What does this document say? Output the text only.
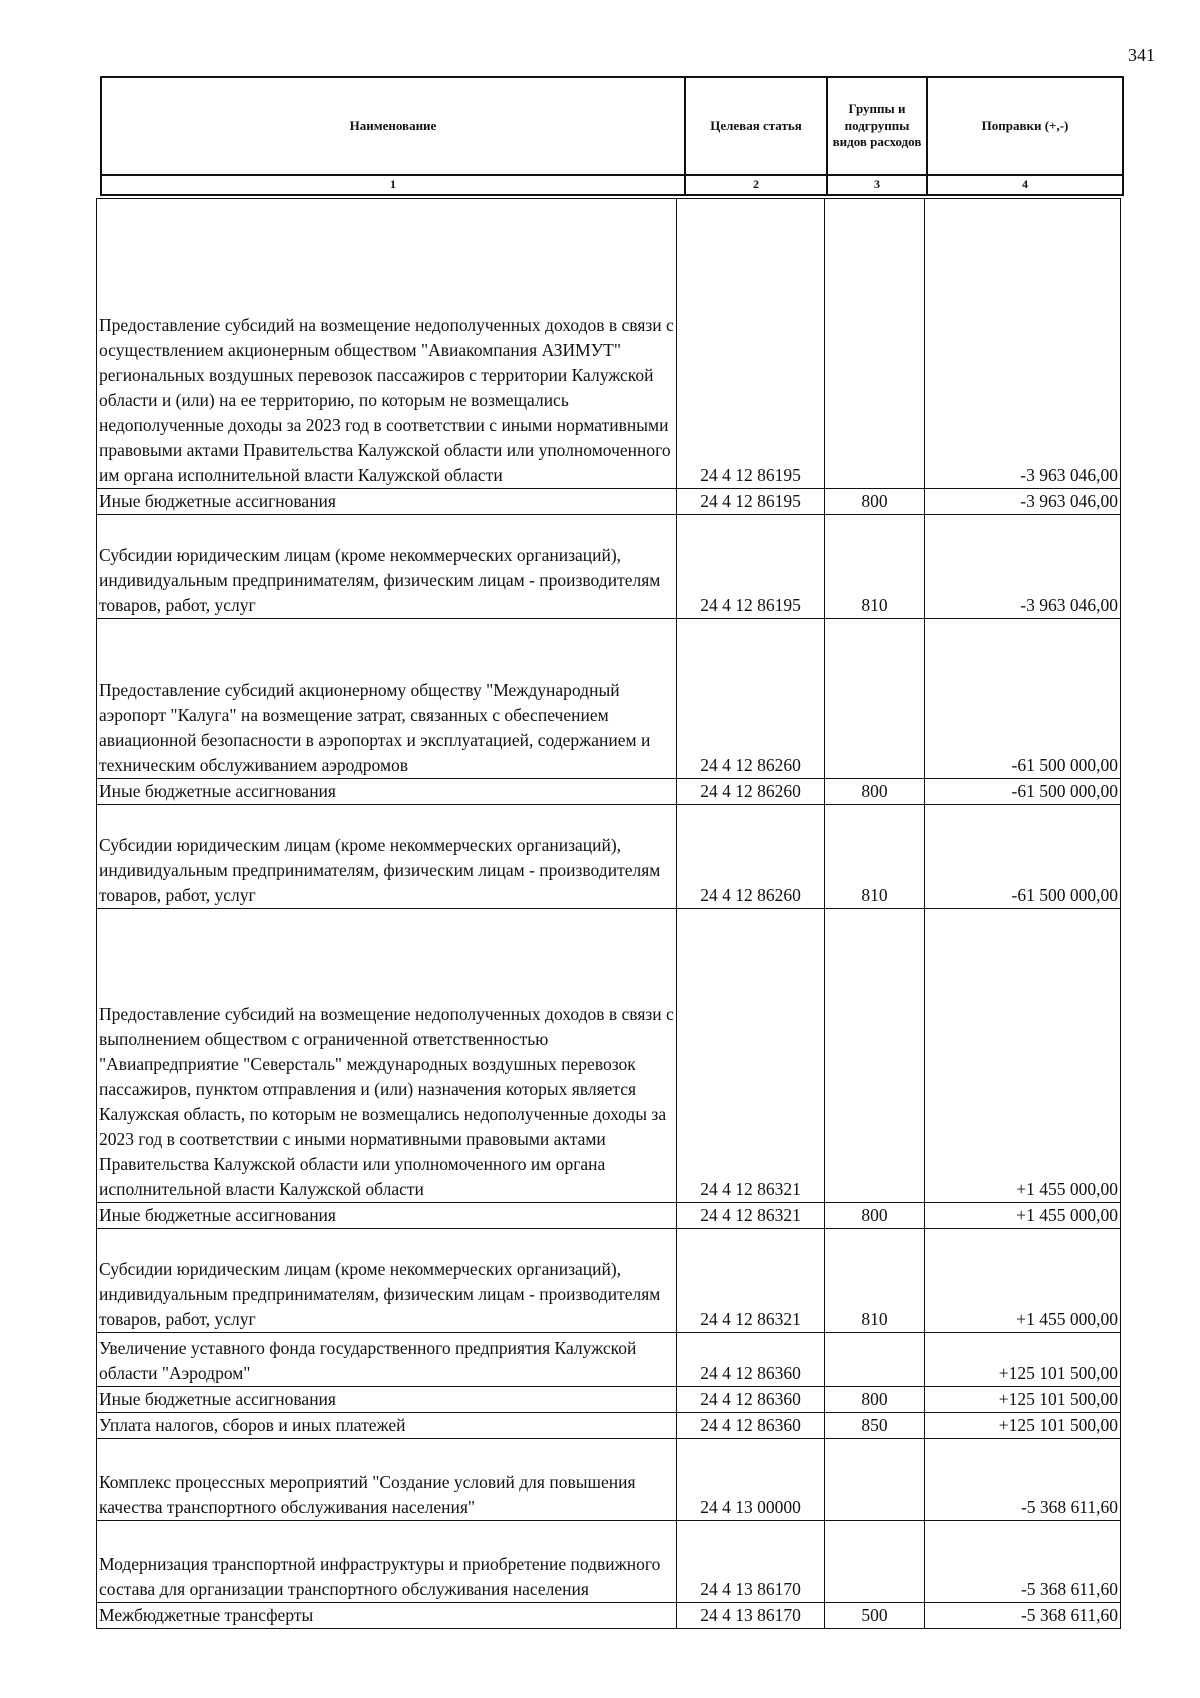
341
Наименование	Целевая статья	Группы и подгруппы видов расходов	Поправки (+,-)
1	2	3	4
Предоставление субсидий на возмещение недополученных доходов в связи с осуществлением акционерным обществом "Авиакомпания АЗИМУТ" региональных воздушных перевозок пассажиров с территории Калужской области и (или) на ее территорию, по которым не возмещались недополученные доходы за 2023 год в соответствии с иными нормативными правовыми актами Правительства Калужской области или уполномоченного им органа исполнительной власти Калужской области	24 4 12 86195		-3 963 046,00
Иные бюджетные ассигнования	24 4 12 86195	800	-3 963 046,00
Субсидии юридическим лицам (кроме некоммерческих организаций), индивидуальным предпринимателям, физическим лицам - производителям товаров, работ, услуг	24 4 12 86195	810	-3 963 046,00
Предоставление субсидий акционерному обществу "Международный аэропорт "Калуга" на возмещение затрат, связанных с обеспечением авиационной безопасности в аэропортах и эксплуатацией, содержанием и техническим обслуживанием аэродромов	24 4 12 86260		-61 500 000,00
Иные бюджетные ассигнования	24 4 12 86260	800	-61 500 000,00
Субсидии юридическим лицам (кроме некоммерческих организаций), индивидуальным предпринимателям, физическим лицам - производителям товаров, работ, услуг	24 4 12 86260	810	-61 500 000,00
Предоставление субсидий на возмещение недополученных доходов в связи с выполнением обществом с ограниченной ответственностью "Авиапредприятие "Северсталь" международных воздушных перевозок пассажиров, пунктом отправления и (или) назначения которых является Калужская область, по которым не возмещались недополученные доходы за 2023 год в соответствии с иными нормативными правовыми актами Правительства Калужской области или уполномоченного им органа исполнительной власти Калужской области	24 4 12 86321		+1 455 000,00
Иные бюджетные ассигнования	24 4 12 86321	800	+1 455 000,00
Субсидии юридическим лицам (кроме некоммерческих организаций), индивидуальным предпринимателям, физическим лицам - производителям товаров, работ, услуг	24 4 12 86321	810	+1 455 000,00
Увеличение уставного фонда государственного предприятия Калужской области "Аэродром"	24 4 12 86360		+125 101 500,00
Иные бюджетные ассигнования	24 4 12 86360	800	+125 101 500,00
Уплата налогов, сборов и иных платежей	24 4 12 86360	850	+125 101 500,00
Комплекс процессных мероприятий "Создание условий для повышения качества транспортного обслуживания населения"	24 4 13 00000		-5 368 611,60
Модернизация транспортной инфраструктуры и приобретение подвижного состава для организации транспортного обслуживания населения	24 4 13 86170		-5 368 611,60
Межбюджетные трансферты	24 4 13 86170	500	-5 368 611,60
